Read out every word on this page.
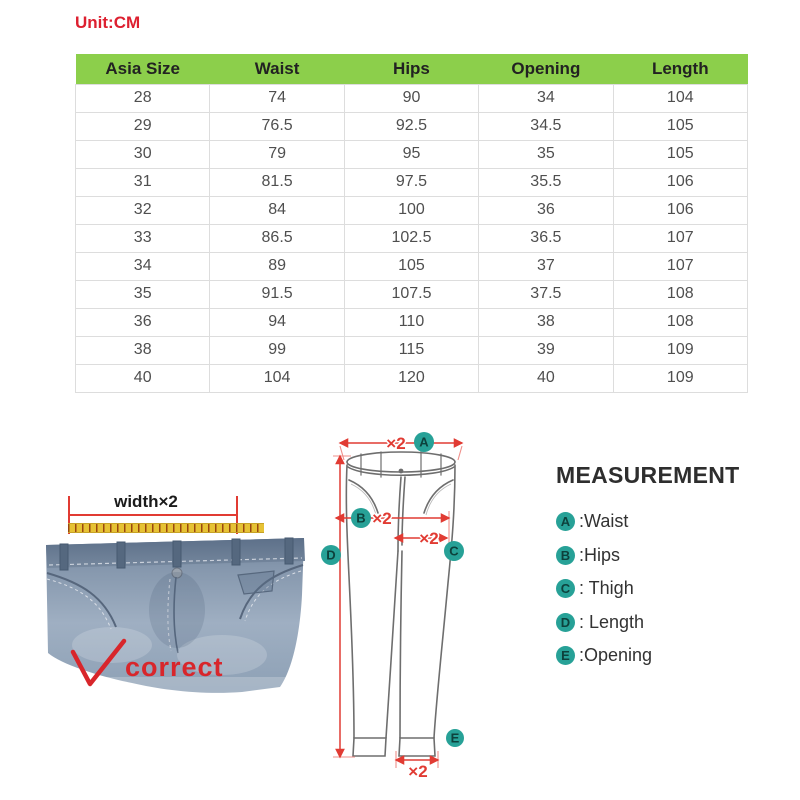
Unit:CM
Asia Size	Waist	Hips	Opening	Length
28	74	90	34	104
29	76.5	92.5	34.5	105
30	79	95	35	105
31	81.5	97.5	35.5	106
32	84	100	36	106
33	86.5	102.5	36.5	107
34	89	105	37	107
35	91.5	107.5	37.5	108
36	94	110	38	108
38	99	115	39	109
40	104	120	40	109
width×2
correct
×2
×2
×2
×2
A
B
C
D
E
MEASUREMENT
A :Waist
B :Hips
C : Thigh
D : Length
E :Opening
